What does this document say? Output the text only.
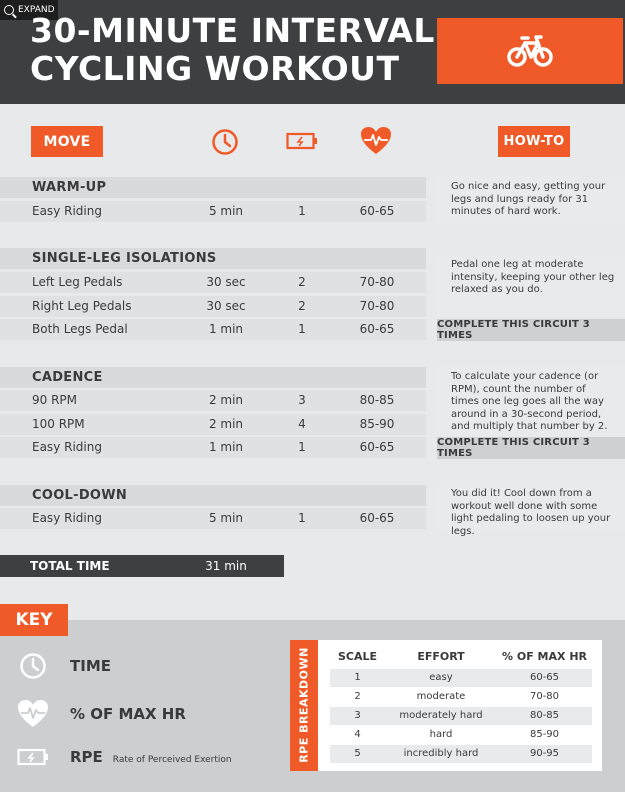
EXPAND
30-MINUTE INTERVAL
CYCLING WORKOUT
MOVE	HOW-TO
WARM-UP
Easy Riding	5 min	1	60-65
Go nice and easy, getting your legs and lungs ready for 31 minutes of hard work.
SINGLE-LEG ISOLATIONS
Left Leg Pedals	30 sec	2	70-80
Right Leg Pedals	30 sec	2	70-80
Both Legs Pedal	1 min	1	60-65
Pedal one leg at moderate intensity, keeping your other leg relaxed as you do.
COMPLETE THIS CIRCUIT 3 TIMES
CADENCE
90 RPM	2 min	3	80-85
100 RPM	2 min	4	85-90
Easy Riding	1 min	1	60-65
To calculate your cadence (or RPM), count the number of times one leg goes all the way around in a 30-second period, and multiply that number by 2.
COMPLETE THIS CIRCUIT 3 TIMES
COOL-DOWN
Easy Riding	5 min	1	60-65
You did it! Cool down from a workout well done with some light pedaling to loosen up your legs.
TOTAL TIME	31 min
KEY
TIME
% OF MAX HR
RPE Rate of Perceived Exertion	RPE BREAKDOWN	SCALE	EFFORT	% OF MAX HR
1	easy	60-65
2	moderate	70-80
3	moderately hard	80-85
4	hard	85-90
5	incredibly hard	90-95
